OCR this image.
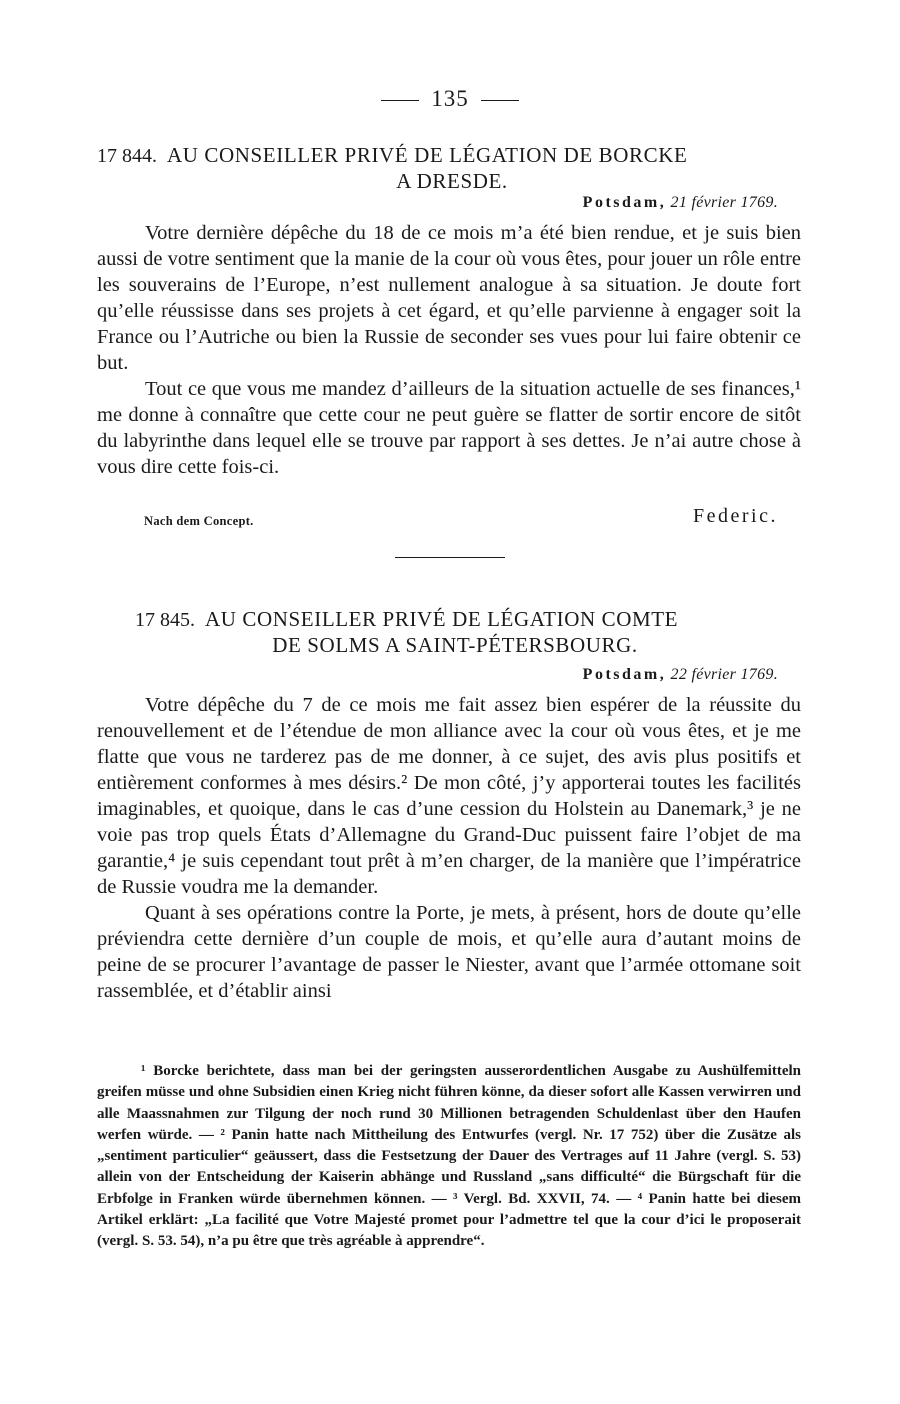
135
17 844. AU CONSEILLER PRIVÉ DE LÉGATION DE BORCKE
A DRESDE.
Potsdam, 21 février 1769.

Votre dernière dépêche du 18 de ce mois m’a été bien rendue, et je suis bien aussi de votre sentiment que la manie de la cour où vous êtes, pour jouer un rôle entre les souverains de l’Europe, n’est nullement analogue à sa situation. Je doute fort qu’elle réussisse dans ses projets à cet égard, et qu’elle parvienne à engager soit la France ou l’Autriche ou bien la Russie de seconder ses vues pour lui faire obtenir ce but.

Tout ce que vous me mandez d’ailleurs de la situation actuelle de ses finances,¹ me donne à connaître que cette cour ne peut guère se flatter de sortir encore de sitôt du labyrinthe dans lequel elle se trouve par rapport à ses dettes. Je n’ai autre chose à vous dire cette fois-ci.

Nach dem Concept.	Federic.
17 845. AU CONSEILLER PRIVÉ DE LÉGATION COMTE
DE SOLMS A SAINT-PÉTERSBOURG.
Potsdam, 22 février 1769.

Votre dépêche du 7 de ce mois me fait assez bien espérer de la réussite du renouvellement et de l’étendue de mon alliance avec la cour où vous êtes, et je me flatte que vous ne tarderez pas de me donner, à ce sujet, des avis plus positifs et entièrement conformes à mes désirs.² De mon côté, j’y apporterai toutes les facilités imaginables, et quoique, dans le cas d’une cession du Holstein au Danemark,³ je ne voie pas trop quels États d’Allemagne du Grand-Duc puissent faire l’objet de ma garantie,⁴ je suis cependant tout prêt à m’en charger, de la manière que l’impératrice de Russie voudra me la demander.

Quant à ses opérations contre la Porte, je mets, à présent, hors de doute qu’elle préviendra cette dernière d’un couple de mois, et qu’elle aura d’autant moins de peine de se procurer l’avantage de passer le Niester, avant que l’armée ottomane soit rassemblée, et d’établir ainsi

¹ Borcke berichtete, dass man bei der geringsten ausserordentlichen Ausgabe zu Aushülfemitteln greifen müsse und ohne Subsidien einen Krieg nicht führen könne, da dieser sofort alle Kassen verwirren und alle Maassnahmen zur Tilgung der noch rund 30 Millionen betragenden Schuldenlast über den Haufen werfen würde. — ² Panin hatte nach Mittheilung des Entwurfes (vergl. Nr. 17 752) über die Zusätze als „sentiment particulier“ geäussert, dass die Festsetzung der Dauer des Vertrages auf 11 Jahre (vergl. S. 53) allein von der Entscheidung der Kaiserin abhänge und Russland „sans difficulté“ die Bürgschaft für die Erbfolge in Franken würde übernehmen können. — ³ Vergl. Bd. XXVII, 74. — ⁴ Panin hatte bei diesem Artikel erklärt: „La facilité que Votre Majesté promet pour l’admettre tel que la cour d’ici le proposerait (vergl. S. 53. 54), n’a pu être que très agréable à apprendre“.
